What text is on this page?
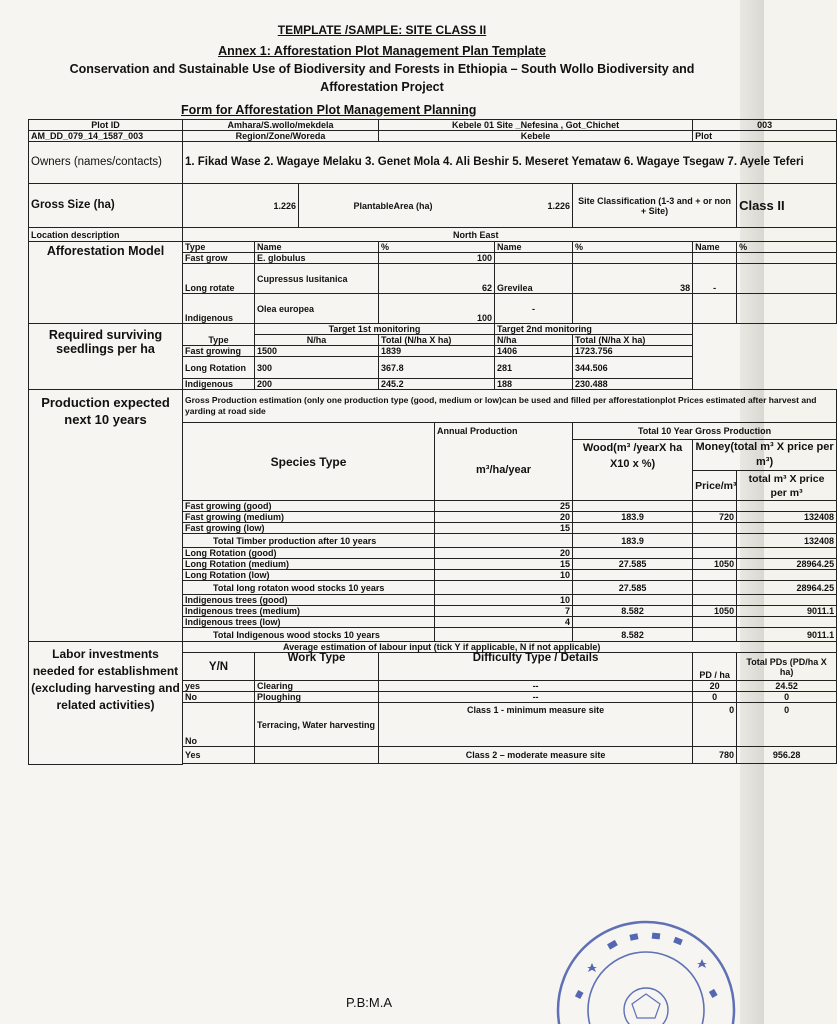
TEMPLATE /SAMPLE: SITE CLASS II
Annex 1: Afforestation Plot Management Plan Template
Conservation and Sustainable Use of Biodiversity and Forests in Ethiopia – South Wollo Biodiversity and
Afforestation Project
Form for Afforestation Plot Management Planning
Plot ID	Amhara/S.wollo/mekdela			Kebele 01 Site _Nefesina , Got_Chichet				003	
AM_DD_079_14_1587_003	Region/Zone/Woreda			Kebele				Plot	
Owners (names/contacts)	1. Fikad Wase 2. Wagaye Melaku 3. Genet Mola 4. Ali Beshir 5. Meseret Yemataw 6. Wagaye Tsegaw 7. Ayele Teferi								
Gross Size (ha)	1.226		PlantableArea (ha)		1.226		Site Classification (1-3 and + or non + Site)		Class II
Location description	North East								
Afforestation Model	Type	Name		%		Name	%	Name	%
	Fast grow	E. globulus		100					
	Long rotate	Cupressus lusitanica		62		Grevilea	38	-	
	Indigenous	Olea europea		100		-			
Required surviving seedlings per ha		Target 1st monitoring				Target 2nd monitoring			
	Type	N/ha		Total (N/ha X ha)		N/ha	Total (N/ha X ha)		
	Fast growing	1500		1839		1406	1723.756		
	Long Rotation	300		367.8		281	344.506		
	Indigenous	200		245.2		188	230.488		
Production expected next 10 years	Gross Production estimation (only one production type (good, medium or low)can be used and filled per afforestationplot Prices estimated after harvest and yarding at road side								
	Species Type				Annual Production		Total 10 Year Gross Production		
					m³/ha/year		Wood(m³ /yearX ha X10 x %)	Money(total m³ X price per m³)	
								Price/m³	total m³ X price per m³
	Fast growing (good)				25				
	Fast growing (medium)				20		183.9	720	132408
	Fast growing (low)				15				
	Total Timber production after 10 years						183.9		132408
	Long Rotation (good)				20				
	Long Rotation (medium)				15		27.585	1050	28964.25
	Long Rotation (low)				10				
	Total long rotaton wood stocks 10 years						27.585		28964.25
	Indigenous trees (good)				10				
	Indigenous trees (medium)				7		8.582	1050	9011.1
	Indigenous trees (low)				4				
	Total Indigenous wood stocks 10 years						8.582		9011.1
Labor investments needed for establishment (excluding harvesting and related activities)	Average estimation of labour input (tick Y if applicable, N if not applicable)								
	Y/N	Work Type		Difficulty Type / Details				PD / ha	Total PDs (PD/ha X ha)
	yes	Clearing		--				20	24.52
	No	Ploughing		--				0	0
	No	Terracing, Water harvesting		Class 1 - minimum measure site				0	0
	Yes			Class 2 – moderate measure site				780	956.28

P.B:M.A
